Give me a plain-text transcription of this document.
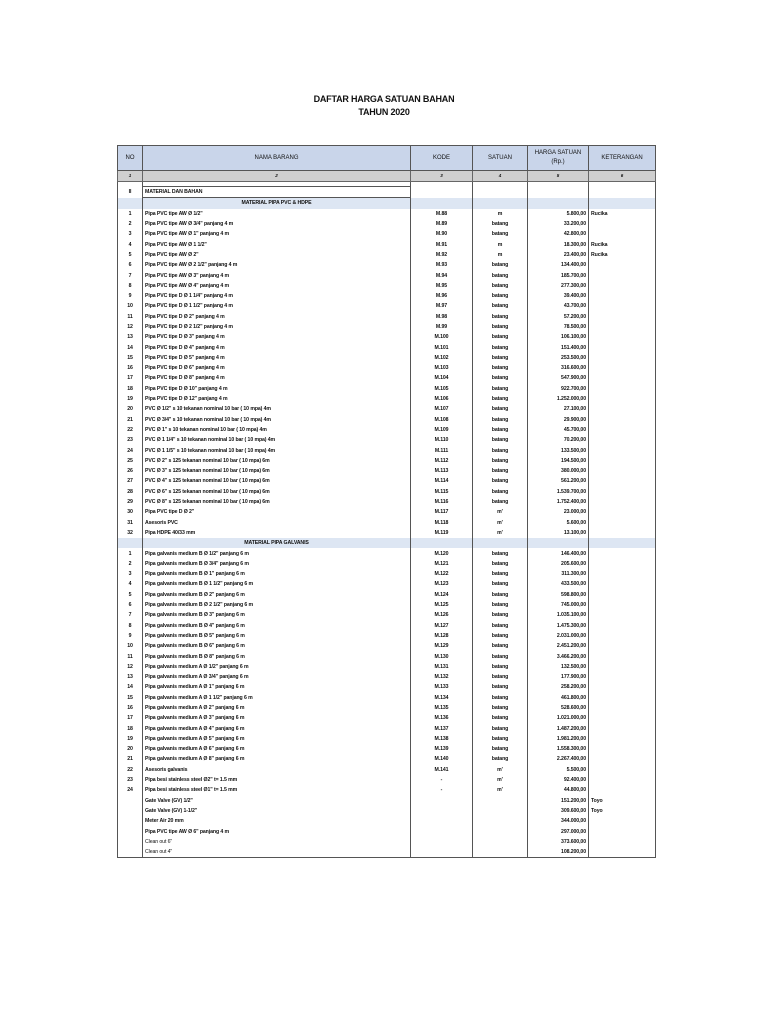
DAFTAR HARGA SATUAN BAHAN
TAHUN 2020
NO	NAMA BARANG	KODE	SATUAN	HARGA SATUAN (Rp.)	KETERANGAN
1	2	3	4	5	6

II	MATERIAL DAN BAHAN				
	MATERIAL PIPA PVC & HDPE				
1	Pipa PVC tipe AW Ø 1/2"	M.88	m	5.800,00	Rucika
2	Pipa PVC tipe AW Ø 3/4" panjang 4 m	M.89	batang	33.200,00	
3	Pipa PVC tipe AW Ø 1" panjang 4 m	M.90	batang	42.800,00	
4	Pipa PVC tipe AW Ø 1 1/2"	M.91	m	18.300,00	Rucika
5	Pipa PVC tipe AW Ø 2"	M.92	m	23.400,00	Rucika
6	Pipa PVC tipe AW Ø 2 1/2" panjang 4 m	M.93	batang	134.400,00	
7	Pipa PVC tipe AW Ø 3" panjang 4 m	M.94	batang	185.700,00	
8	Pipa PVC tipe AW Ø 4" panjang 4 m	M.95	batang	277.300,00	
9	Pipa PVC tipe D Ø 1 1/4" panjang 4 m	M.96	batang	39.400,00	
10	Pipa PVC tipe D Ø 1 1/2" panjang 4 m	M.97	batang	43.700,00	
11	Pipa PVC tipe D Ø 2" panjang 4 m	M.98	batang	57.200,00	
12	Pipa PVC tipe D Ø 2 1/2" panjang 4 m	M.99	batang	78.500,00	
13	Pipa PVC tipe D Ø 3" panjang 4 m	M.100	batang	106.100,00	
14	Pipa PVC tipe D Ø 4" panjang 4 m	M.101	batang	151.400,00	
15	Pipa PVC tipe D Ø 5" panjang 4 m	M.102	batang	253.500,00	
16	Pipa PVC tipe D Ø 6" panjang 4 m	M.103	batang	316.600,00	
17	Pipa PVC tipe D Ø 8" panjang 4 m	M.104	batang	547.900,00	
18	Pipa PVC tipe D Ø 10" panjang 4 m	M.105	batang	922.700,00	
19	Pipa PVC tipe D Ø 12" panjang 4 m	M.106	batang	1.252.000,00	
20	PVC Ø 1/2" s 10 tekanan nominal 10 bar ( 10 mpa) 4m	M.107	batang	27.100,00	
21	PVC Ø 3/4" s 10 tekanan nominal 10 bar ( 10 mpa) 4m	M.108	batang	29.900,00	
22	PVC Ø 1" s 10 tekanan nominal 10 bar ( 10 mpa) 4m	M.109	batang	45.700,00	
23	PVC Ø 1 1/4" s 10 tekanan nominal 10 bar ( 10 mpa) 4m	M.110	batang	70.200,00	
24	PVC Ø 1 1/5" s 10 tekanan nominal 10 bar ( 10 mpa) 4m	M.111	batang	133.500,00	
25	PVC Ø 2" s 125 tekanan nominal 10 bar ( 10 mpa) 6m	M.112	batang	194.500,00	
26	PVC Ø 3" s 125 tekanan nominal 10 bar ( 10 mpa) 6m	M.113	batang	380.000,00	
27	PVC Ø 4" s 125 tekanan nominal 10 bar ( 10 mpa) 6m	M.114	batang	561.200,00	
28	PVC Ø 6" s 125 tekanan nominal 10 bar ( 10 mpa) 6m	M.115	batang	1.539.700,00	
29	PVC Ø 8" s 125 tekanan nominal 10 bar ( 10 mpa) 6m	M.116	batang	1.752.400,00	
30	Pipa PVC tipe D Ø 2"	M.117	m'	23.000,00	
31	Asesoris PVC	M.118	m'	5.600,00	
32	Pipa HDPE 40/33 mm	M.119	m'	13.100,00	
	MATERIAL PIPA GALVANIS				
1	Pipa galvanis medium B Ø 1/2" panjang 6 m	M.120	batang	146.400,00	
2	Pipa galvanis medium B Ø 3/4" panjang 6 m	M.121	batang	205.600,00	
3	Pipa galvanis medium B Ø 1" panjang 6 m	M.122	batang	311.300,00	
4	Pipa galvanis medium B Ø 1 1/2" panjang 6 m	M.123	batang	433.500,00	
5	Pipa galvanis medium B Ø 2" panjang 6 m	M.124	batang	598.800,00	
6	Pipa galvanis medium B Ø 2 1/2" panjang 6 m	M.125	batang	745.000,00	
7	Pipa galvanis medium B Ø 3" panjang 6 m	M.126	batang	1.035.100,00	
8	Pipa galvanis medium B Ø 4" panjang 6 m	M.127	batang	1.475.300,00	
9	Pipa galvanis medium B Ø 5" panjang 6 m	M.128	batang	2.031.000,00	
10	Pipa galvanis medium B Ø 6" panjang 6 m	M.129	batang	2.451.200,00	
11	Pipa galvanis medium B Ø 8" panjang 6 m	M.130	batang	3.466.200,00	
12	Pipa galvanis medium A Ø 1/2" panjang 6 m	M.131	batang	132.500,00	
13	Pipa galvanis medium A Ø 3/4" panjang 6 m	M.132	batang	177.900,00	
14	Pipa galvanis medium A Ø 1" panjang 6 m	M.133	batang	258.200,00	
15	Pipa galvanis medium A Ø 1 1/2" panjang 6 m	M.134	batang	461.800,00	
16	Pipa galvanis medium A Ø 2" panjang 6 m	M.135	batang	528.600,00	
17	Pipa galvanis medium A Ø 3" panjang 6 m	M.136	batang	1.021.000,00	
18	Pipa galvanis medium A Ø 4" panjang 6 m	M.137	batang	1.487.200,00	
19	Pipa galvanis medium A Ø 5" panjang 6 m	M.138	batang	1.981.200,00	
20	Pipa galvanis medium A Ø 6" panjang 6 m	M.139	batang	1.558.300,00	
21	Pipa galvanis medium A Ø 8" panjang 6 m	M.140	batang	2.267.400,00	
22	Asesoris galvanis	M.141	m'	5.500,00	
23	Pipa besi stainless steel Ø2" t= 1.5 mm	-	m'	92.400,00	
24	Pipa besi stainless steel Ø1" t= 1.5 mm	-	m'	44.800,00	
	Gate Valve (GV) 1/2"			151.200,00	Toyo
	Gate Valve (GV) 1-1/2"			309.600,00	Toyo
	Meter Air 20 mm			344.000,00	
	Pipa PVC tipe AW Ø 6" panjang 4 m			297.000,00	
	Clean out 6"			373.600,00	
	Clean out 4"			108.200,00	
